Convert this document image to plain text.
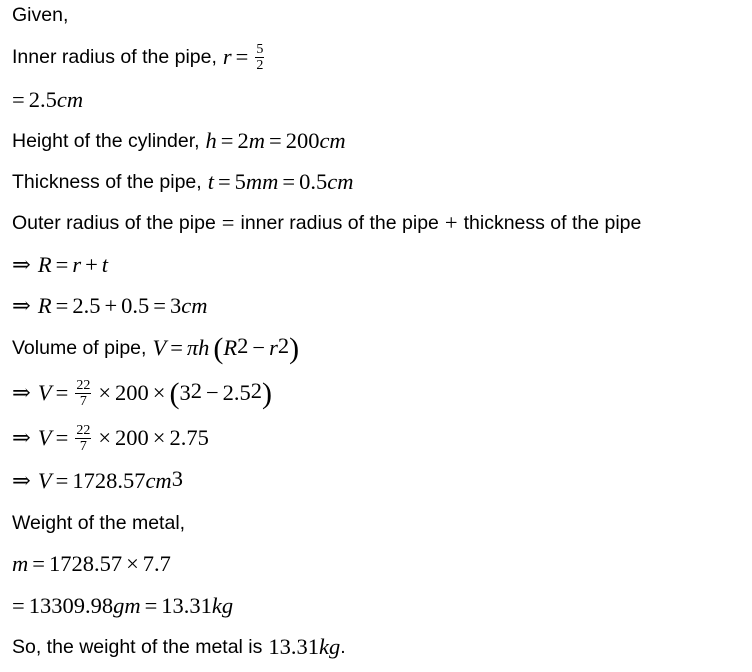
Given,
Inner radius of the pipe, $r = \frac{5}{2}$
= 2.5 cm
Height of the cylinder, h = 2 m = 200 cm
Thickness of the pipe, t = 5 mm = 0.5 cm
Outer radius of the pipe = inner radius of the pipe + thickness of the pipe
⇒ R = r + t
⇒ R = 2.5 + 0.5 = 3 cm
Volume of pipe, V = π h ( $R^2 - r^2$ )
⇒ $V = \frac{22}{7} \times 200$ × ( $3^2 - 2.5^2$ )
⇒ $V = \frac{22}{7} \times 200 \times 2.75$
⇒ V = 1728.57 $cm^3$
Weight of the metal,
m = 1728.57 × 7.7
= 13309.98 gm = 13.31 kg
So, the weight of the metal is 13.31 kg .
